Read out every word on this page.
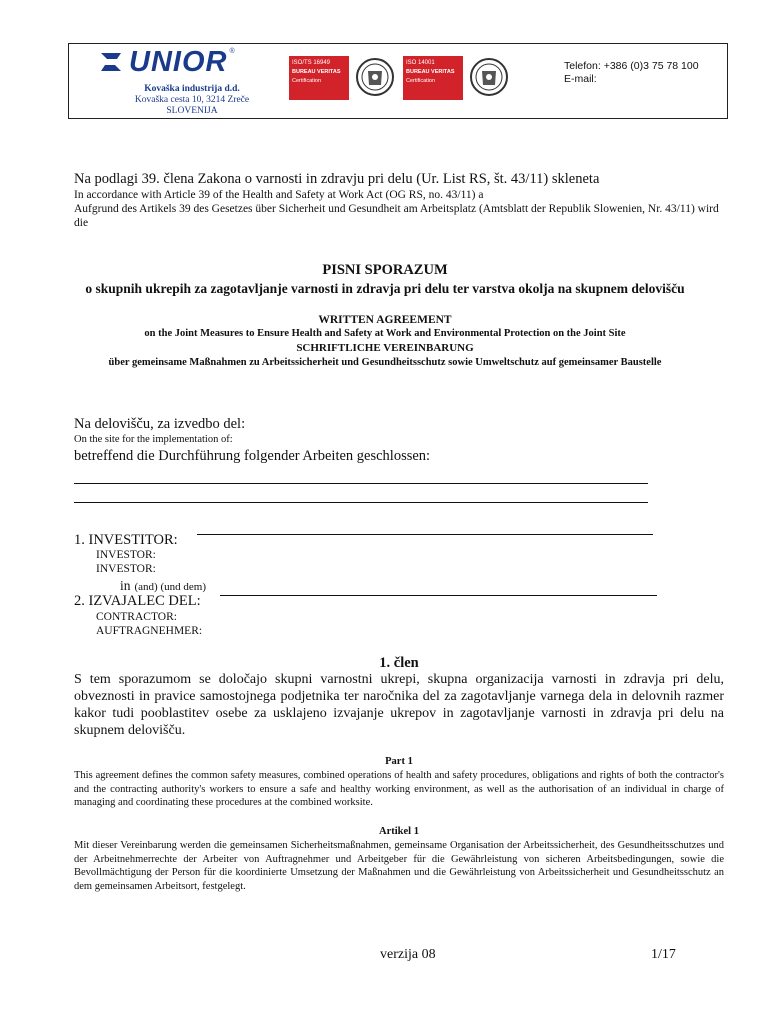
UNIOR ®
Kovaška industrija d.d.
Kovaška cesta 10, 3214 Zreče
SLOVENIJA
ISO/TS 16949
BUREAU VERITAS
Certification
ISO 14001
BUREAU VERITAS
Certification
Telefon: +386 (0)3 75 78 100
E-mail:
Na podlagi 39. člena Zakona o varnosti in zdravju pri delu (Ur. List RS, št. 43/11) skleneta
In accordance with Article 39 of the Health and Safety at Work Act (OG RS, no. 43/11) a
Aufgrund des Artikels 39 des Gesetzes über Sicherheit und Gesundheit am Arbeitsplatz (Amtsblatt der Republik Slowenien, Nr. 43/11) wird die
PISNI SPORAZUM
o skupnih ukrepih za zagotavljanje varnosti in zdravja pri delu ter varstva okolja na skupnem delovišču
WRITTEN AGREEMENT
on the Joint Measures to Ensure Health and Safety at Work and Environmental Protection on the Joint Site
SCHRIFTLICHE VEREINBARUNG
über gemeinsame Maßnahmen zu Arbeitssicherheit und Gesundheitsschutz sowie Umweltschutz auf gemeinsamer Baustelle
Na delovišču, za izvedbo del:
On the site for the implementation of:
betreffend die Durchführung folgender Arbeiten geschlossen:
1. INVESTITOR:
INVESTOR:
INVESTOR:
in (and) (und dem)
2. IZVAJALEC DEL:
CONTRACTOR:
AUFTRAGNEHMER:
1. člen
S tem sporazumom se določajo skupni varnostni ukrepi, skupna organizacija varnosti in zdravja pri delu, obveznosti in pravice samostojnega podjetnika ter naročnika del za zagotavljanje varnega dela in delovnih razmer kakor tudi pooblastitev osebe za usklajeno izvajanje ukrepov in zagotavljanje varnosti in zdravja pri delu na skupnem delovišču.
Part 1
This agreement defines the common safety measures, combined operations of health and safety procedures, obligations and rights of both the contractor's and the contracting authority's workers to ensure a safe and healthy working environment, as well as the authorisation of an individual in charge of managing and coordinating these procedures at the combined worksite.
Artikel 1
Mit dieser Vereinbarung werden die gemeinsamen Sicherheitsmaßnahmen, gemeinsame Organisation der Arbeitssicherheit, des Gesundheitsschutzes und der Arbeitnehmerrechte der Arbeiter von Auftragnehmer und Arbeitgeber für die Gewährleistung von sicheren Arbeitsbedingungen, sowie die Bevollmächtigung der Person für die koordinierte Umsetzung der Maßnahmen und die Gewährleistung von Arbeitssicherheit und Gesundheitsschutz an dem gemeinsamen Arbeitsort, festgelegt.
verzija 08	1/17
